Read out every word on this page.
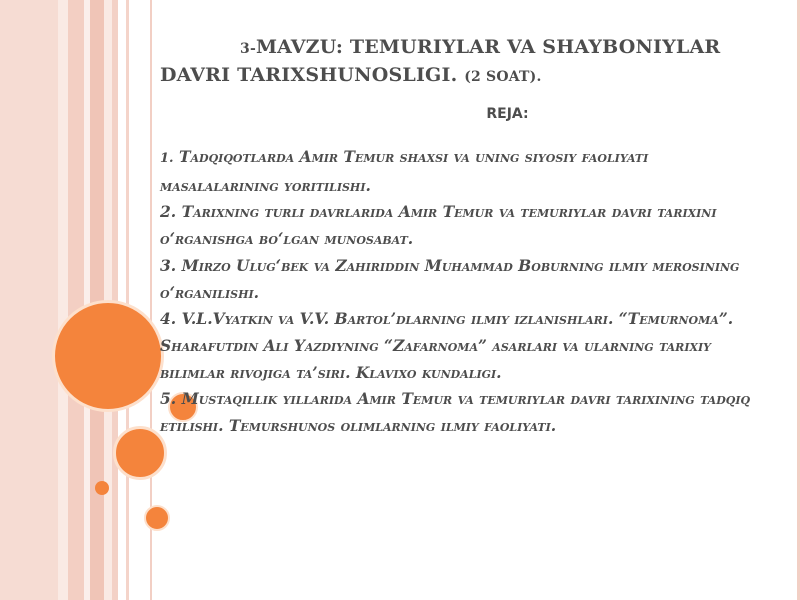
3-MAVZU: TEMURIYLAR VA SHAYBONIYLAR DAVRI TARIXSHUNOSLIGI. (2 SOAT).
REJA:

1. Tadqiqotlarda Amir Temur shaxsi va uning siyosiy faoliyati masalalarining yoritilishi.

2. Tarixning turli davrlarida Amir Temur va temuriylar davri tarixini o‘rganishga bo‘lgan munosabat.

3. Mirzo Ulug‘bek va Zahiriddin Muhammad Boburning ilmiy merosining o‘rganilishi.

4. V.L.Vyatkin va V.V. Bartol’dlarning ilmiy izlanishlari. “Temurnoma”. Sharafutdin Ali Yazdiyning “Zafarnoma” asarlari va ularning tarixiy bilimlar rivojiga ta’siri. Klavixo kundaligi.

5. Mustaqillik yillarida Amir Temur va temuriylar davri tarixining tadqiq etilishi. Temurshunos olimlarning ilmiy faoliyati.
